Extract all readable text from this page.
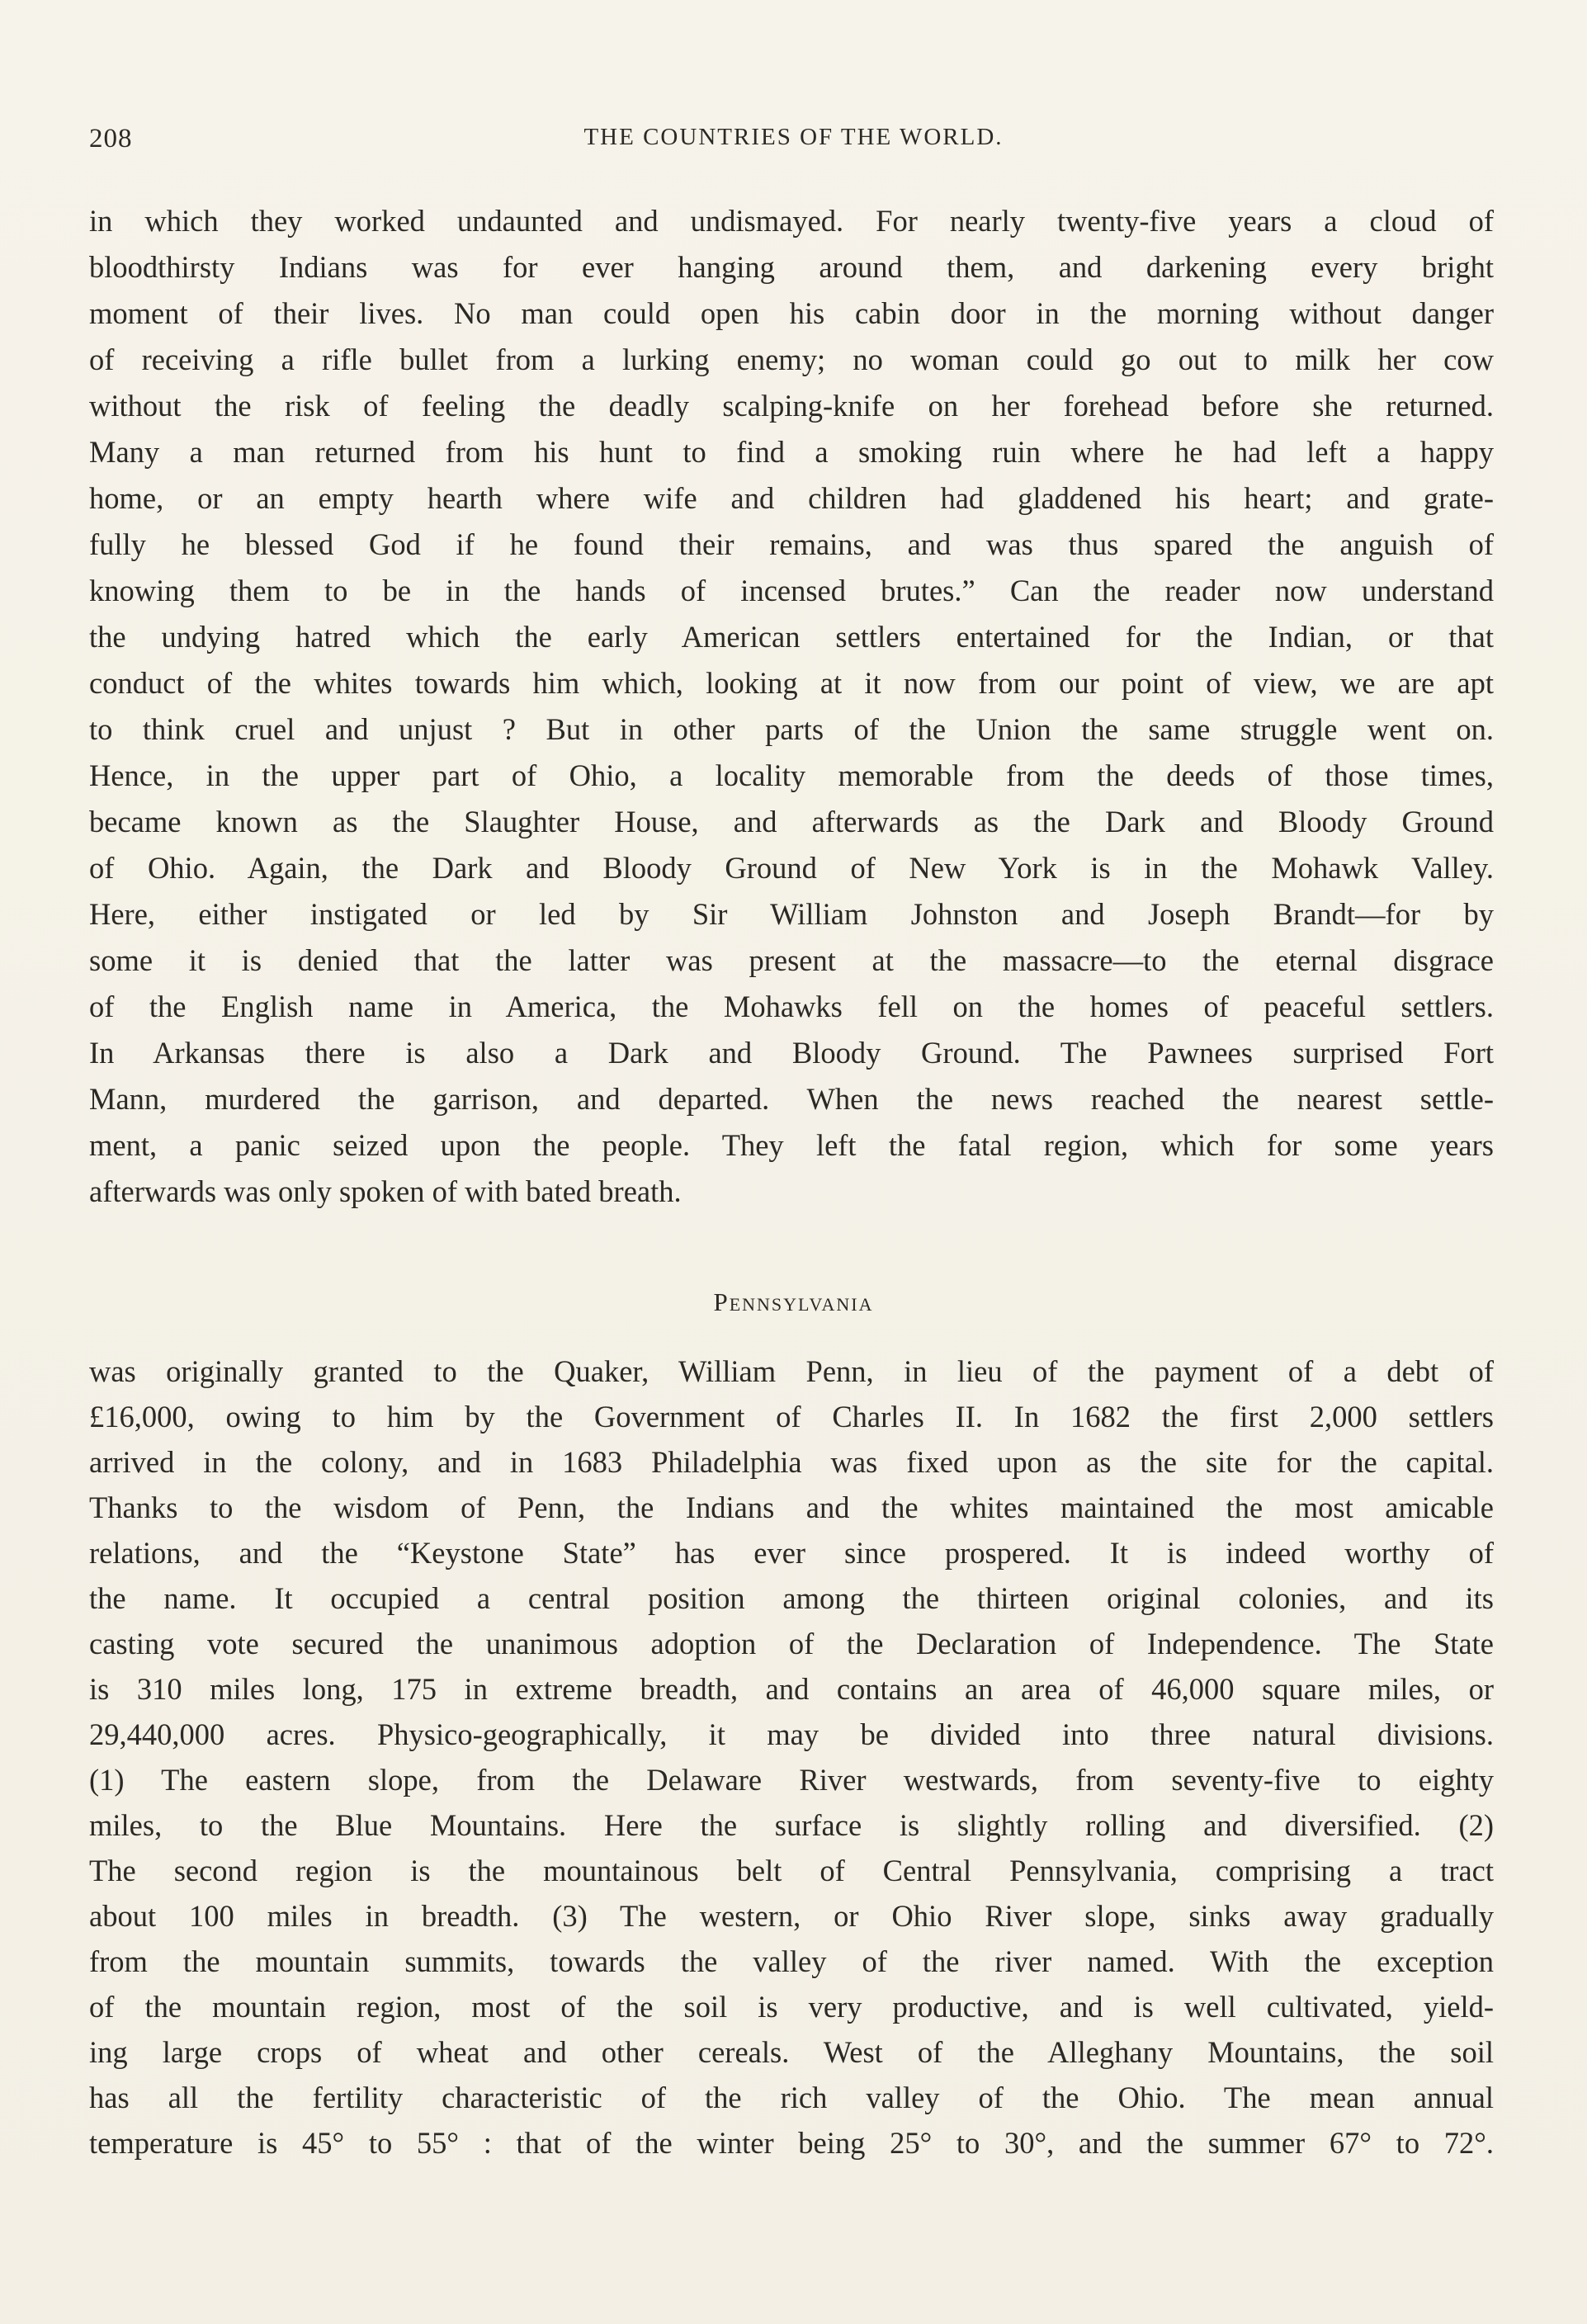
208	THE COUNTRIES OF THE WORLD.
in which they worked undaunted and undismayed. For nearly twenty-five years a cloud of
bloodthirsty Indians was for ever hanging around them, and darkening every bright
moment of their lives. No man could open his cabin door in the morning without danger
of receiving a rifle bullet from a lurking enemy; no woman could go out to milk her cow
without the risk of feeling the deadly scalping-knife on her forehead before she returned.
Many a man returned from his hunt to find a smoking ruin where he had left a happy
home, or an empty hearth where wife and children had gladdened his heart; and grate-
fully he blessed God if he found their remains, and was thus spared the anguish of
knowing them to be in the hands of incensed brutes.” Can the reader now understand
the undying hatred which the early American settlers entertained for the Indian, or that
conduct of the whites towards him which, looking at it now from our point of view, we are apt
to think cruel and unjust ? But in other parts of the Union the same struggle went on.
Hence, in the upper part of Ohio, a locality memorable from the deeds of those times,
became known as the Slaughter House, and afterwards as the Dark and Bloody Ground
of Ohio. Again, the Dark and Bloody Ground of New York is in the Mohawk Valley.
Here, either instigated or led by Sir William Johnston and Joseph Brandt—for by
some it is denied that the latter was present at the massacre—to the eternal disgrace
of the English name in America, the Mohawks fell on the homes of peaceful settlers.
In Arkansas there is also a Dark and Bloody Ground. The Pawnees surprised Fort
Mann, murdered the garrison, and departed. When the news reached the nearest settle-
ment, a panic seized upon the people. They left the fatal region, which for some years
afterwards was only spoken of with bated breath.
Pennsylvania
was originally granted to the Quaker, William Penn, in lieu of the payment of a debt of
£16,000, owing to him by the Government of Charles II. In 1682 the first 2,000 settlers
arrived in the colony, and in 1683 Philadelphia was fixed upon as the site for the capital.
Thanks to the wisdom of Penn, the Indians and the whites maintained the most amicable
relations, and the “Keystone State” has ever since prospered. It is indeed worthy of
the name. It occupied a central position among the thirteen original colonies, and its
casting vote secured the unanimous adoption of the Declaration of Independence. The State
is 310 miles long, 175 in extreme breadth, and contains an area of 46,000 square miles, or
29,440,000 acres. Physico-geographically, it may be divided into three natural divisions.
(1) The eastern slope, from the Delaware River westwards, from seventy-five to eighty
miles, to the Blue Mountains. Here the surface is slightly rolling and diversified. (2)
The second region is the mountainous belt of Central Pennsylvania, comprising a tract
about 100 miles in breadth. (3) The western, or Ohio River slope, sinks away gradually
from the mountain summits, towards the valley of the river named. With the exception
of the mountain region, most of the soil is very productive, and is well cultivated, yield-
ing large crops of wheat and other cereals. West of the Alleghany Mountains, the soil
has all the fertility characteristic of the rich valley of the Ohio. The mean annual
temperature is 45° to 55° : that of the winter being 25° to 30°, and the summer 67° to 72°.
